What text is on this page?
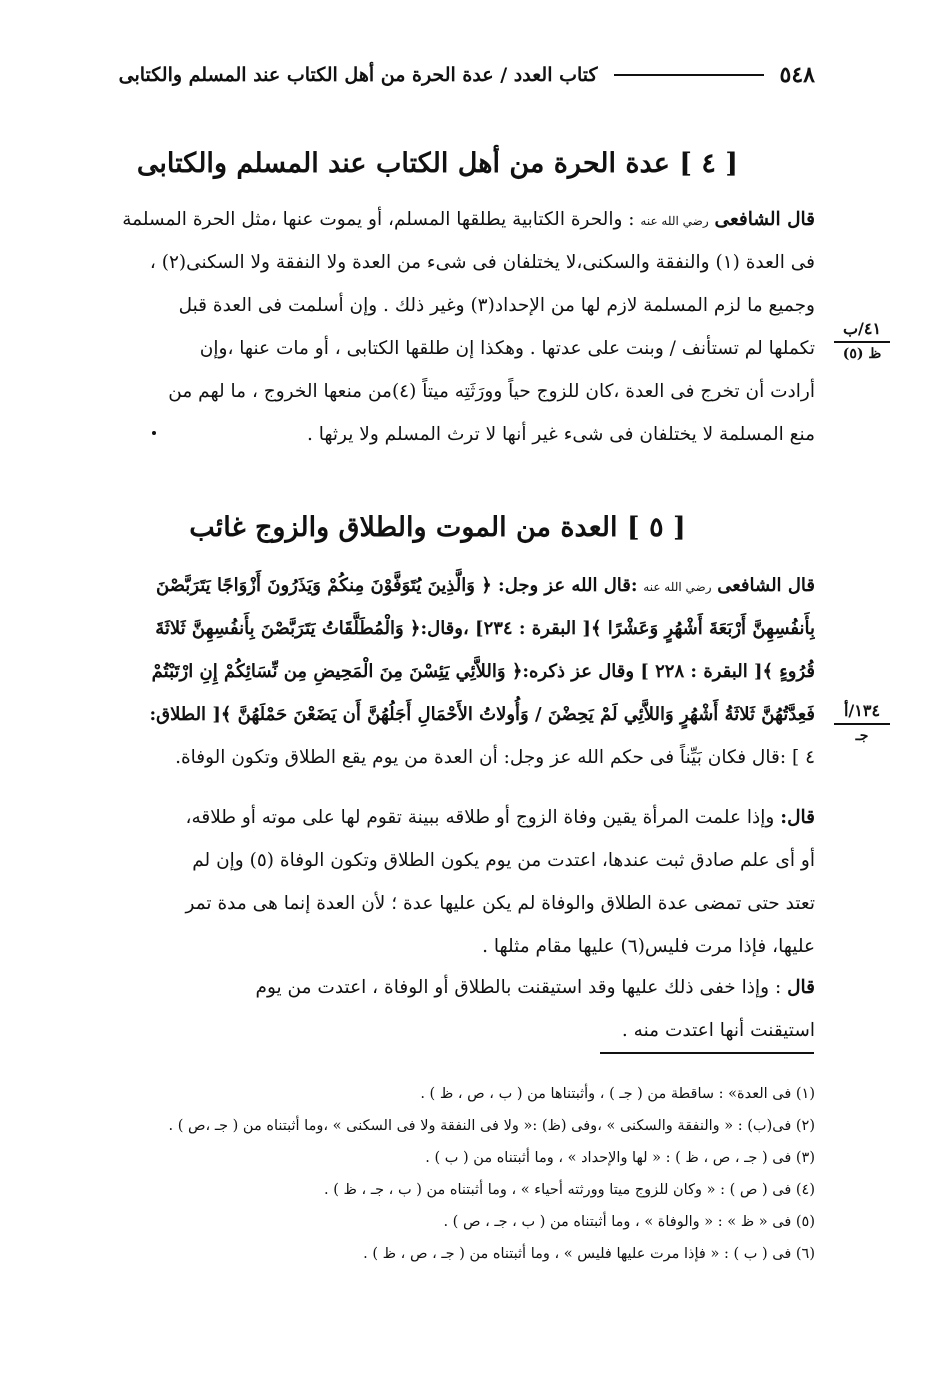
٥٤٨
كتاب العدد / عدة الحرة من أهل الكتاب عند المسلم والكتابى
[ ٤ ] عدة الحرة من أهل الكتاب عند المسلم والكتابى
قال الشافعى رضي الله عنه : والحرة الكتابية يطلقها المسلم، أو يموت عنها ،مثل الحرة المسلمة
فى العدة (١) والنفقة والسكنى،لا يختلفان فى شىء من العدة ولا النفقة ولا السكنى(٢) ،
وجميع ما لزم المسلمة لازم لها من الإحداد(٣) وغير ذلك . وإن أسلمت فى العدة قبل
تكملها لم تستأنف / وبنت على عدتها . وهكذا إن طلقها الكتابى ، أو مات عنها ،وإن
أرادت أن تخرج فى العدة ،كان للزوج حياً وورَثَتِه ميتاً (٤)من منعها الخروج ، ما لهم من
منع المسلمة لا يختلفان فى شىء غير أنها لا ترث المسلم ولا يرثها .
٤١/ب
ظ (٥)
[ ٥ ] العدة من الموت والطلاق والزوج غائب
قال الشافعى رضي الله عنه :قال الله عز وجل: ﴿ وَالَّذِينَ يُتَوَفَّوْنَ مِنكُمْ وَيَذَرُونَ أَزْوَاجًا يَتَرَبَّصْنَ
بِأَنفُسِهِنَّ أَرْبَعَةَ أَشْهُرٍ وَعَشْرًا ﴾[ البقرة : ٢٣٤] ،وقال:﴿ وَالْمُطَلَّقَاتُ يَتَرَبَّصْنَ بِأَنفُسِهِنَّ ثَلاثَةَ
قُرُوءٍ ﴾[ البقرة : ٢٢٨ ] وقال عز ذكره:﴿ وَاللاَّئِي يَئِسْنَ مِنَ الْمَحِيضِ مِن نِّسَائِكُمْ إِنِ ارْتَبْتُمْ
فَعِدَّتُهُنَّ ثَلاثَةُ أَشْهُرٍ وَاللاَّئِي لَمْ يَحِضْنَ / وَأُولاتُ الأَحْمَالِ أَجَلُهُنَّ أَن يَضَعْنَ حَمْلَهُنَّ ﴾[ الطلاق:
٤ ] :قال فكان بَيِّناً فى حكم الله عز وجل: أن العدة من يوم يقع الطلاق وتكون الوفاة.
١٣٤/أ
جـ
قال: وإذا علمت المرأة يقين وفاة الزوج أو طلاقه ببينة تقوم لها على موته أو طلاقه،
أو أى علم صادق ثبت عندها، اعتدت من يوم يكون الطلاق وتكون الوفاة (٥) وإن لم
تعتد حتى تمضى عدة الطلاق والوفاة لم يكن عليها عدة ؛ لأن العدة إنما هى مدة تمر
عليها، فإذا مرت فليس(٦) عليها مقام مثلها .
قال : وإذا خفى ذلك عليها وقد استيقنت بالطلاق أو الوفاة ، اعتدت من يوم
استيقنت أنها اعتدت منه .
(١) فى العدة» : ساقطة من ( جـ ) ، وأثبتناها من ( ب ، ص ، ظ ) .
(٢) فى(ب) : « والنفقة والسكنى » ،وفى (ظ) :« ولا فى النفقة ولا فى السكنى » ،وما أثبتناه من ( جـ ،ص ) .
(٣) فى ( جـ ، ص ، ظ ) : « لها والإحداد » ، وما أثبتناه من ( ب ) .
(٤) فى ( ص ) : « وكان للزوج ميتا وورثته أحياء » ، وما أثبتناه من ( ب ، جـ ، ظ ) .
(٥) فى « ظ » : « والوفاة » ، وما أثبتناه من ( ب ، جـ ، ص ) .
(٦) فى ( ب ) : « فإذا مرت عليها فليس » ، وما أثبتناه من ( جـ ، ص ، ظ ) .
